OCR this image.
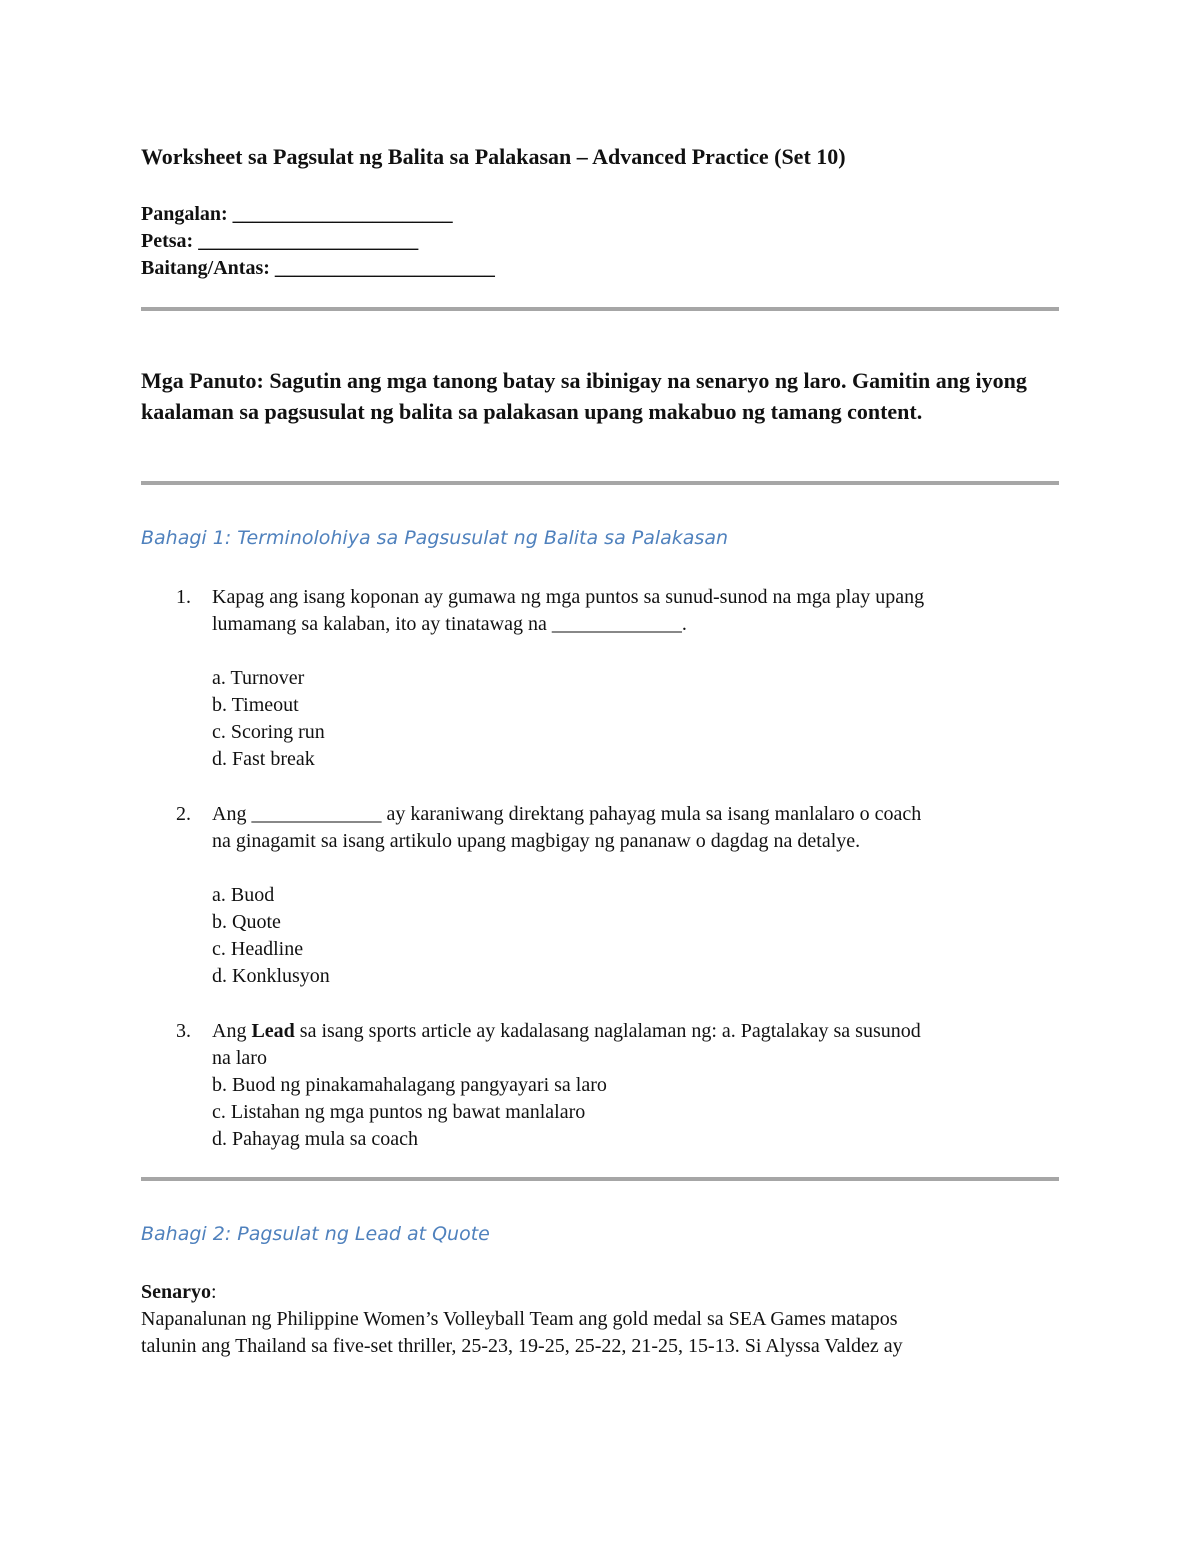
Worksheet sa Pagsulat ng Balita sa Palakasan – Advanced Practice (Set 10)
Pangalan: ______________________
Petsa: ______________________
Baitang/Antas: ______________________
Mga Panuto: Sagutin ang mga tanong batay sa ibinigay na senaryo ng laro. Gamitin ang iyong kaalaman sa pagsusulat ng balita sa palakasan upang makabuo ng tamang content.
Bahagi 1: Terminolohiya sa Pagsusulat ng Balita sa Palakasan
1. Kapag ang isang koponan ay gumawa ng mga puntos sa sunud-sunod na mga play upang
lumamang sa kalaban, ito ay tinatawag na _____________.
a. Turnover
b. Timeout
c. Scoring run
d. Fast break
2. Ang _____________ ay karaniwang direktang pahayag mula sa isang manlalaro o coach
na ginagamit sa isang artikulo upang magbigay ng pananaw o dagdag na detalye.
a. Buod
b. Quote
c. Headline
d. Konklusyon
3. Ang Lead sa isang sports article ay kadalasang naglalaman ng: a. Pagtalakay sa susunod
na laro
b. Buod ng pinakamahalagang pangyayari sa laro
c. Listahan ng mga puntos ng bawat manlalaro
d. Pahayag mula sa coach
Bahagi 2: Pagsulat ng Lead at Quote
Senaryo:
Napanalunan ng Philippine Women’s Volleyball Team ang gold medal sa SEA Games matapos
talunin ang Thailand sa five-set thriller, 25-23, 19-25, 25-22, 21-25, 15-13. Si Alyssa Valdez ay
